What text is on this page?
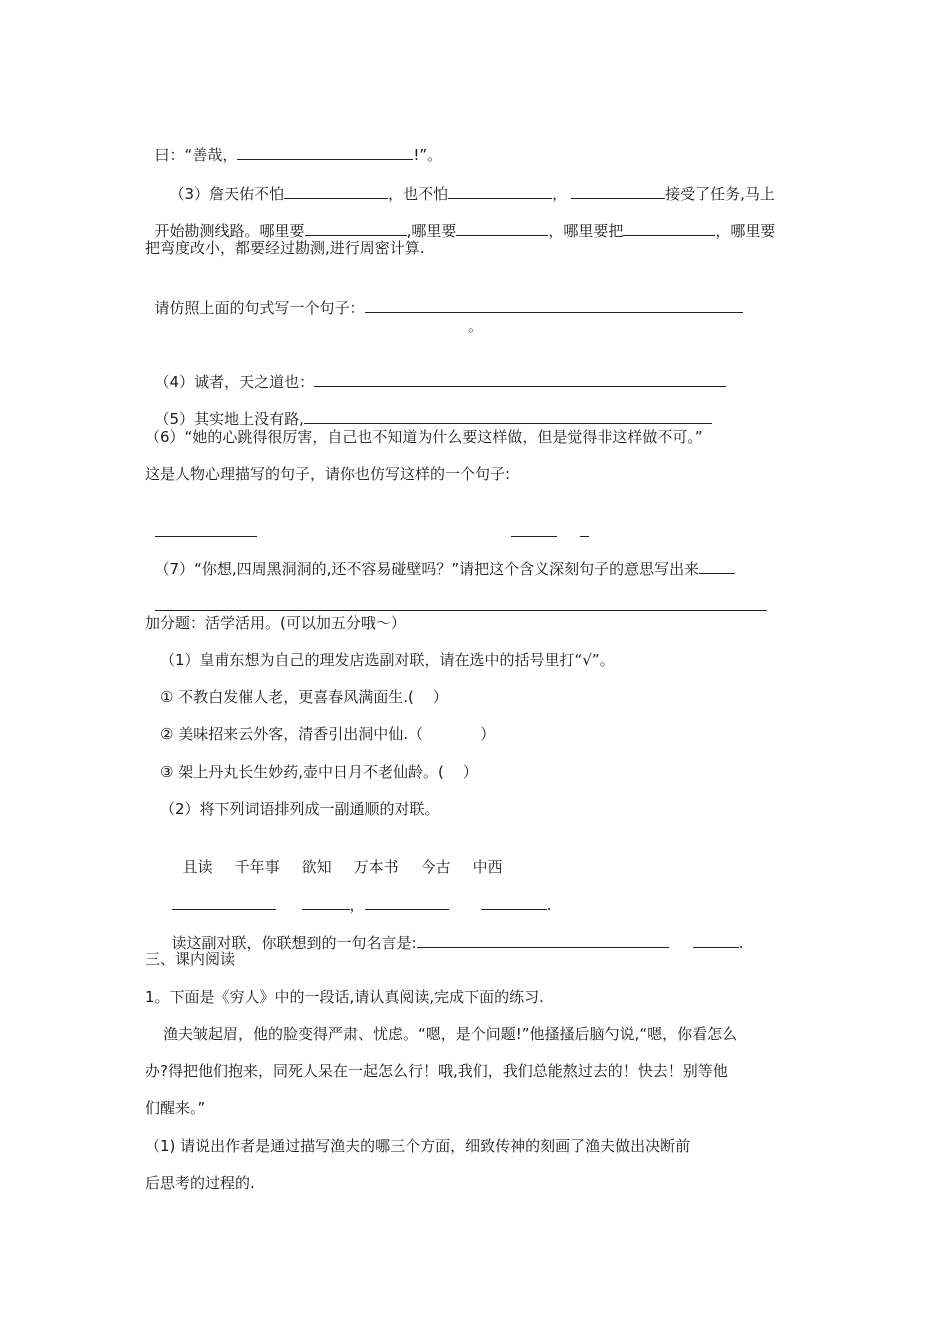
曰：“善哉，	!”。

（3）詹天佑不怕	，也不怕	，	接受了任务,马上

开始勘测线路。哪里要	,哪里要	，哪里要把	，哪里要

把弯度改小，都要经过勘测,进行周密计算.

请仿照上面的句式写一个句子：

。

（4）诚者，天之道也：

（5）其实地上没有路,

（6）“她的心跳得很厉害，自己也不知道为什么要这样做，但是觉得非这样做不可。”
这是人物心理描写的句子，请你也仿写这样的一个句子:

（7）“你想,四周黑洞洞的,还不容易碰壁吗？”请把这个含义深刻句子的意思写出来

加分题：活学活用。(可以加五分哦～）
（1）皇甫东想为自己的理发店选副对联，请在选中的括号里打“√”。
① 不教白发催人老，更喜春风满面生.(    ）
② 美味招来云外客，清香引出洞中仙.（            ）
③ 架上丹丸长生妙药,壶中日月不老仙龄。(    ）
（2）将下列词语排列成一副通顺的对联。

且读 千年事 欲知 万本书 今古 中西

，	.

读这副对联，你联想到的一句名言是:	.

三、课内阅读
1。下面是《穷人》中的一段话,请认真阅读,完成下面的练习.
渔夫皱起眉，他的脸变得严肃、忧虑。“嗯，是个问题!”他搔搔后脑勺说,“嗯，你看怎么
办?得把他们抱来，同死人呆在一起怎么行！哦,我们，我们总能熬过去的！快去！别等他
们醒来。”
（1) 请说出作者是通过描写渔夫的哪三个方面，细致传神的刻画了渔夫做出决断前
后思考的过程的.
